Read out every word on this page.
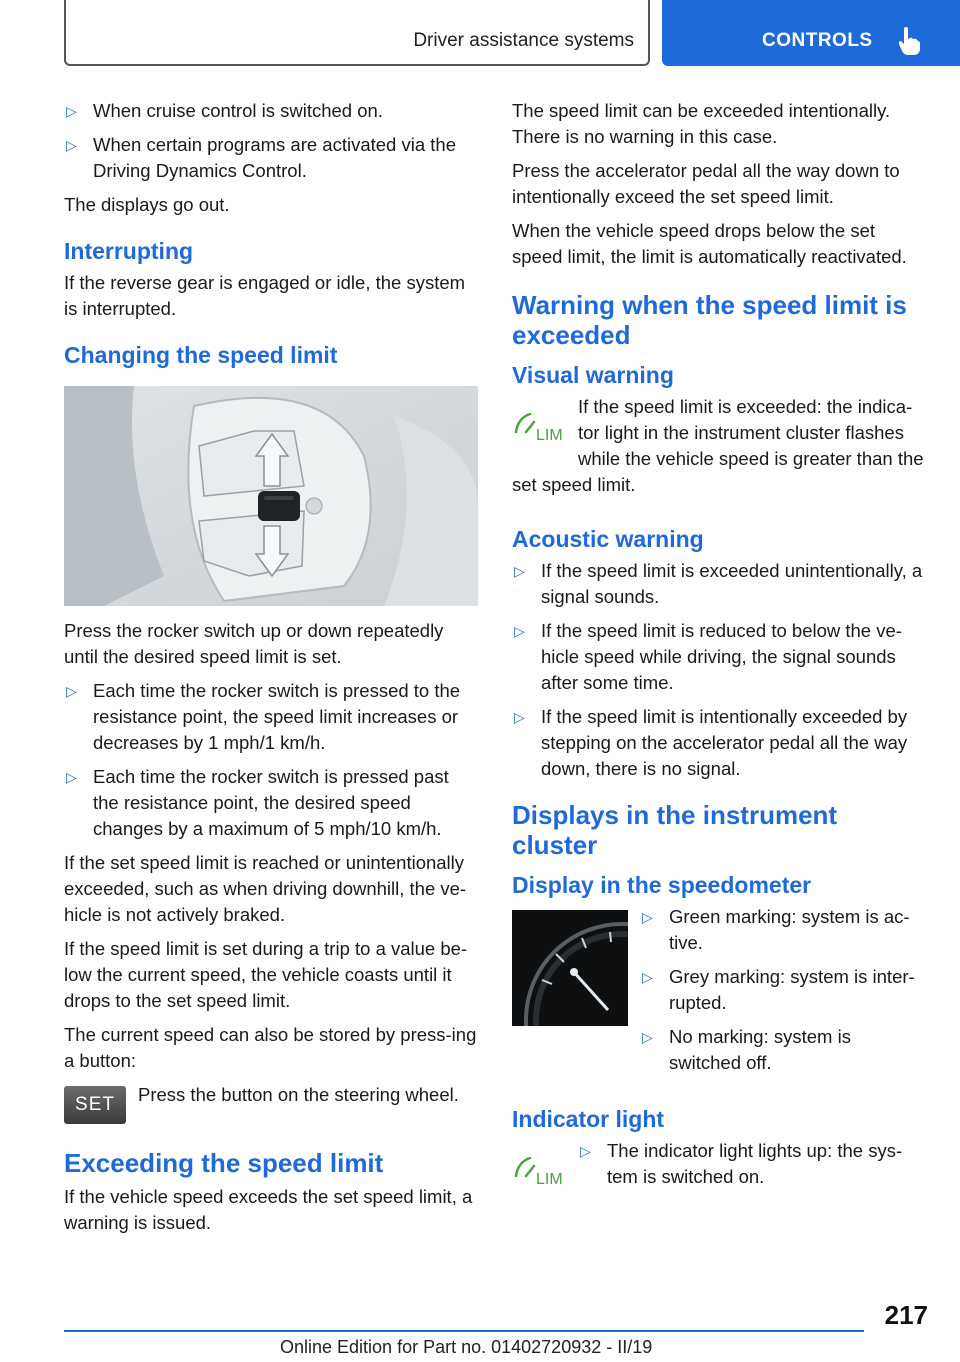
Driver assistance systems	CONTROLS
▷ When cruise control is switched on.
▷ When certain programs are activated via the Driving Dynamics Control.

The displays go out.

Interrupting

If the reverse gear is engaged or idle, the system is interrupted.

Changing the speed limit

Press the rocker switch up or down repeatedly until the desired speed limit is set.

▷ Each time the rocker switch is pressed to the resistance point, the speed limit increases or decreases by 1 mph/1 km/h.
▷ Each time the rocker switch is pressed past the resistance point, the desired speed changes by a maximum of 5 mph/10 km/h.

If the set speed limit is reached or unintentionally exceeded, such as when driving downhill, the ve-hicle is not actively braked.

If the speed limit is set during a trip to a value be-low the current speed, the vehicle coasts until it drops to the set speed limit.

The current speed can also be stored by press-ing a button:

SET	Press the button on the steering wheel.

Exceeding the speed limit

If the vehicle speed exceeds the set speed limit, a warning is issued.

The speed limit can be exceeded intentionally. There is no warning in this case.

Press the accelerator pedal all the way down to intentionally exceed the set speed limit.

When the vehicle speed drops below the set speed limit, the limit is automatically reactivated.

Warning when the speed limit is exceeded
Visual warning
LIM

If the speed limit is exceeded: the indica-tor light in the instrument cluster flashes while the vehicle speed is greater than the set speed limit.

Acoustic warning
▷ If the speed limit is exceeded unintentionally, a signal sounds.
▷ If the speed limit is reduced to below the ve-hicle speed while driving, the signal sounds after some time.
▷ If the speed limit is intentionally exceeded by stepping on the accelerator pedal all the way down, there is no signal.
Displays in the instrument cluster
Display in the speedometer
▷ Green marking: system is ac-tive.
▷ Grey marking: system is inter-rupted.
▷ No marking: system is switched off.
Indicator light
LIM
▷ The indicator light lights up: the sys-tem is switched on.
217
Online Edition for Part no. 01402720932 - II/19
